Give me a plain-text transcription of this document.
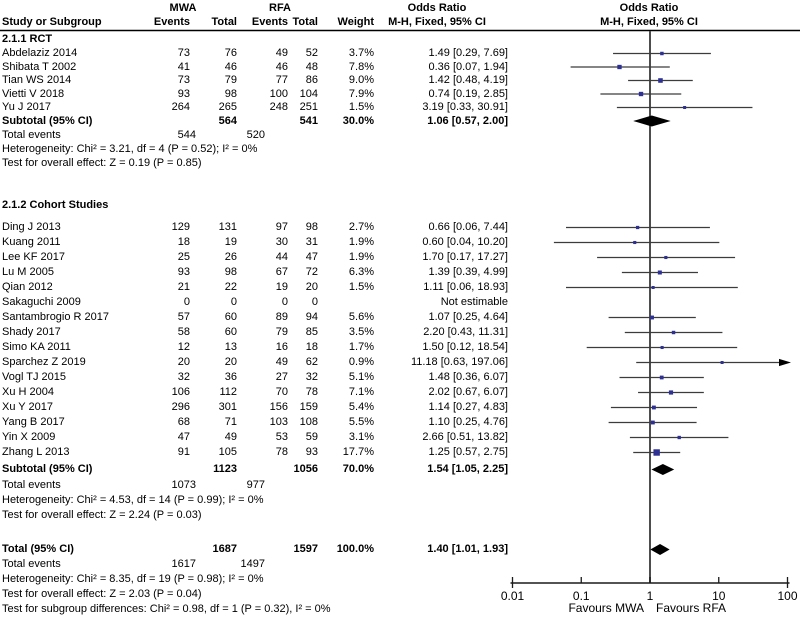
0.01	0.1	1	10	100
Favours MWA Favours RFA
MWA	RFA	Odds Ratio	Odds Ratio
Study or Subgroup	Events	Total	Events Total	Weight	M-H, Fixed, 95% CI	M-H, Fixed, 95% CI
2.1.1 RCT
Abdelaziz 2014	73	76	49	52	3.7%	1.49 [0.29, 7.69]
Shibata T 2002	41	46	46	48	7.8%	0.36 [0.07, 1.94]
Tian WS 2014	73	79	77	86	9.0%	1.42 [0.48, 4.19]
Vietti V 2018	93	98	100	104	7.9%	0.74 [0.19, 2.85]
Yu J 2017	264	265	248	251	1.5%	3.19 [0.33, 30.91]
Subtotal (95% CI)	564	541	30.0%	1.06 [0.57, 2.00]
Total events	544	520
Heterogeneity: Chi² = 3.21, df = 4 (P = 0.52); I² = 0%
Test for overall effect: Z = 0.19 (P = 0.85)
2.1.2 Cohort Studies
Ding J 2013	129	131	97	98	2.7%	0.66 [0.06, 7.44]
Kuang 2011	18	19	30	31	1.9%	0.60 [0.04, 10.20]
Lee KF 2017	25	26	44	47	1.9%	1.70 [0.17, 17.27]
Lu M 2005	93	98	67	72	6.3%	1.39 [0.39, 4.99]
Qian 2012	21	22	19	20	1.5%	1.11 [0.06, 18.93]
Sakaguchi 2009	0	0	0	0	Not estimable
Santambrogio R 2017	57	60	89	94	5.6%	1.07 [0.25, 4.64]
Shady 2017	58	60	79	85	3.5%	2.20 [0.43, 11.31]
Simo KA 2011	12	13	16	18	1.7%	1.50 [0.12, 18.54]
Sparchez Z 2019	20	20	49	62	0.9%	11.18 [0.63, 197.06]
Vogl TJ 2015	32	36	27	32	5.1%	1.48 [0.36, 6.07]
Xu H 2004	106	112	70	78	7.1%	2.02 [0.67, 6.07]
Xu Y 2017	296	301	156	159	5.4%	1.14 [0.27, 4.83]
Yang B 2017	68	71	103	108	5.5%	1.10 [0.25, 4.76]
Yin X 2009	47	49	53	59	3.1%	2.66 [0.51, 13.82]
Zhang L 2013	91	105	78	93	17.7%	1.25 [0.57, 2.75]
Subtotal (95% CI)	1123	1056	70.0%	1.54 [1.05, 2.25]
Total events	1073	977
Heterogeneity: Chi² = 4.53, df = 14 (P = 0.99); I² = 0%
Test for overall effect: Z = 2.24 (P = 0.03)
Total (95% CI)	1687	1597	100.0%	1.40 [1.01, 1.93]
Total events	1617	1497
Heterogeneity: Chi² = 8.35, df = 19 (P = 0.98); I² = 0%
Test for overall effect: Z = 2.03 (P = 0.04)
Test for subgroup differences: Chi² = 0.98, df = 1 (P = 0.32), I² = 0%
